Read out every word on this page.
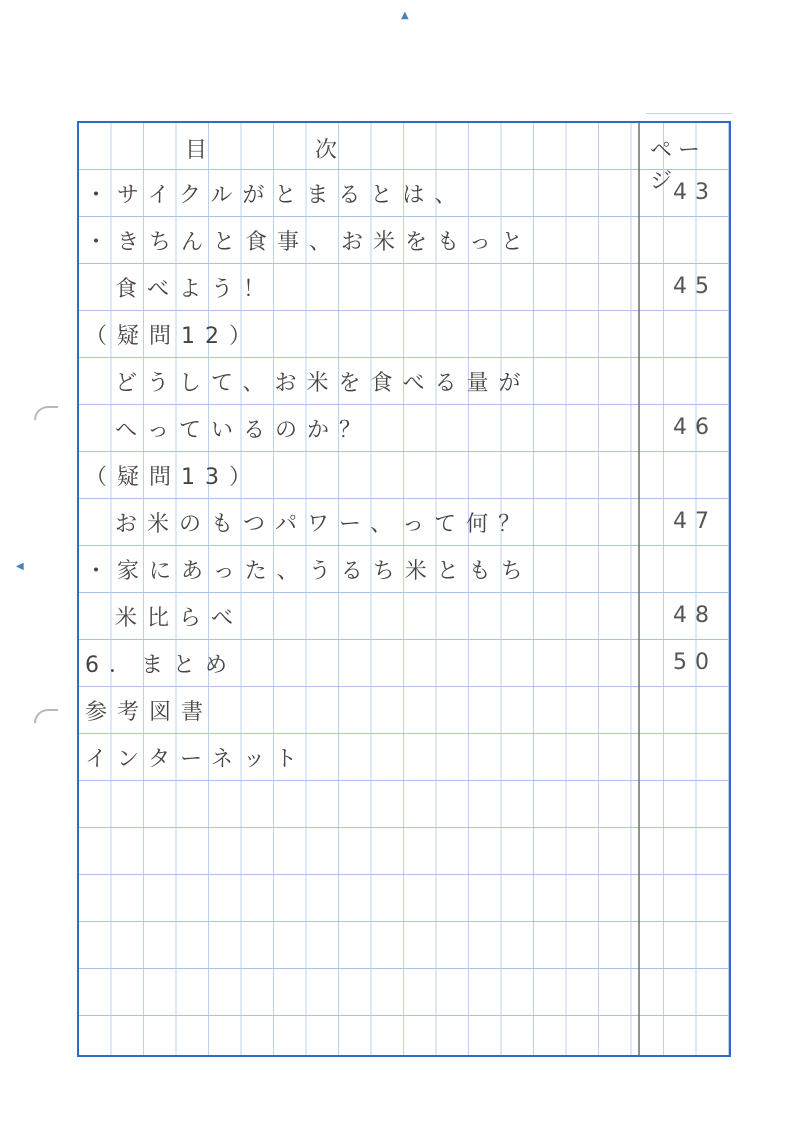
▲
◀
目	次	ページ
・サイクルがとまるとは、	43
・きちんと食事、お米をもっと
食べよう！	45
（疑問12）
どうして、お米を食べる量が
へっているのか？	46
（疑問13）
お米のもつパワー、って何？	47
・家にあった、うるち米ともち
米比らべ	48
6．まとめ	50
参考図書
インターネット
